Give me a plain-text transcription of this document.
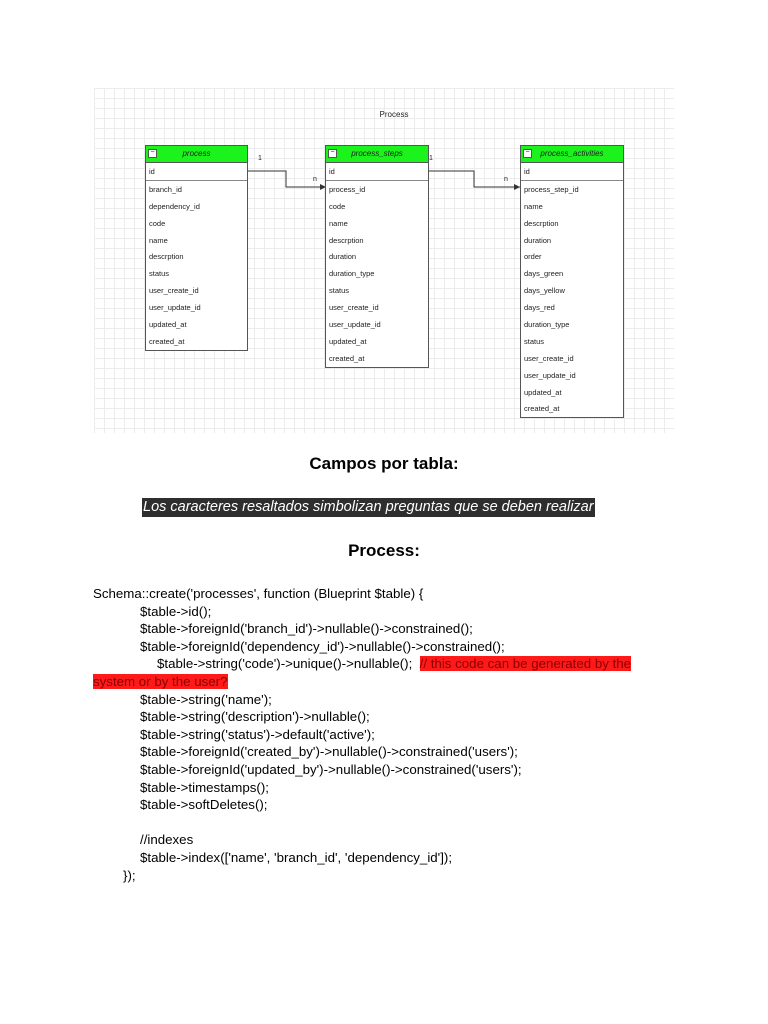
Process
1
n
1
n
−	process
id
branch_id
dependency_id
code
name
descrption
status
user_create_id
user_update_id
updated_at
created_at
−	process_steps
id
process_id
code
name
descrption
duration
duration_type
status
user_create_id
user_update_id
updated_at
created_at
−	process_activities
id
process_step_id
name
descrption
duration
order
days_green
days_yellow
days_red
duration_type
status
user_create_id
user_update_id
updated_at
created_at
Campos por tabla:
Los caracteres resaltados simbolizan preguntas que se deben realizar
Process:
Schema::create('processes', function (Blueprint $table) {
$table->id();
$table->foreignId('branch_id')->nullable()->constrained();
$table->foreignId('dependency_id')->nullable()->constrained();
$table->string('code')->unique()->nullable(); // this code can be generated by the
system or by the user?
$table->string('name');
$table->string('description')->nullable();
$table->string('status')->default('active');
$table->foreignId('created_by')->nullable()->constrained('users');
$table->foreignId('updated_by')->nullable()->constrained('users');
$table->timestamps();
$table->softDeletes();
//indexes
$table->index(['name', 'branch_id', 'dependency_id']);
});
